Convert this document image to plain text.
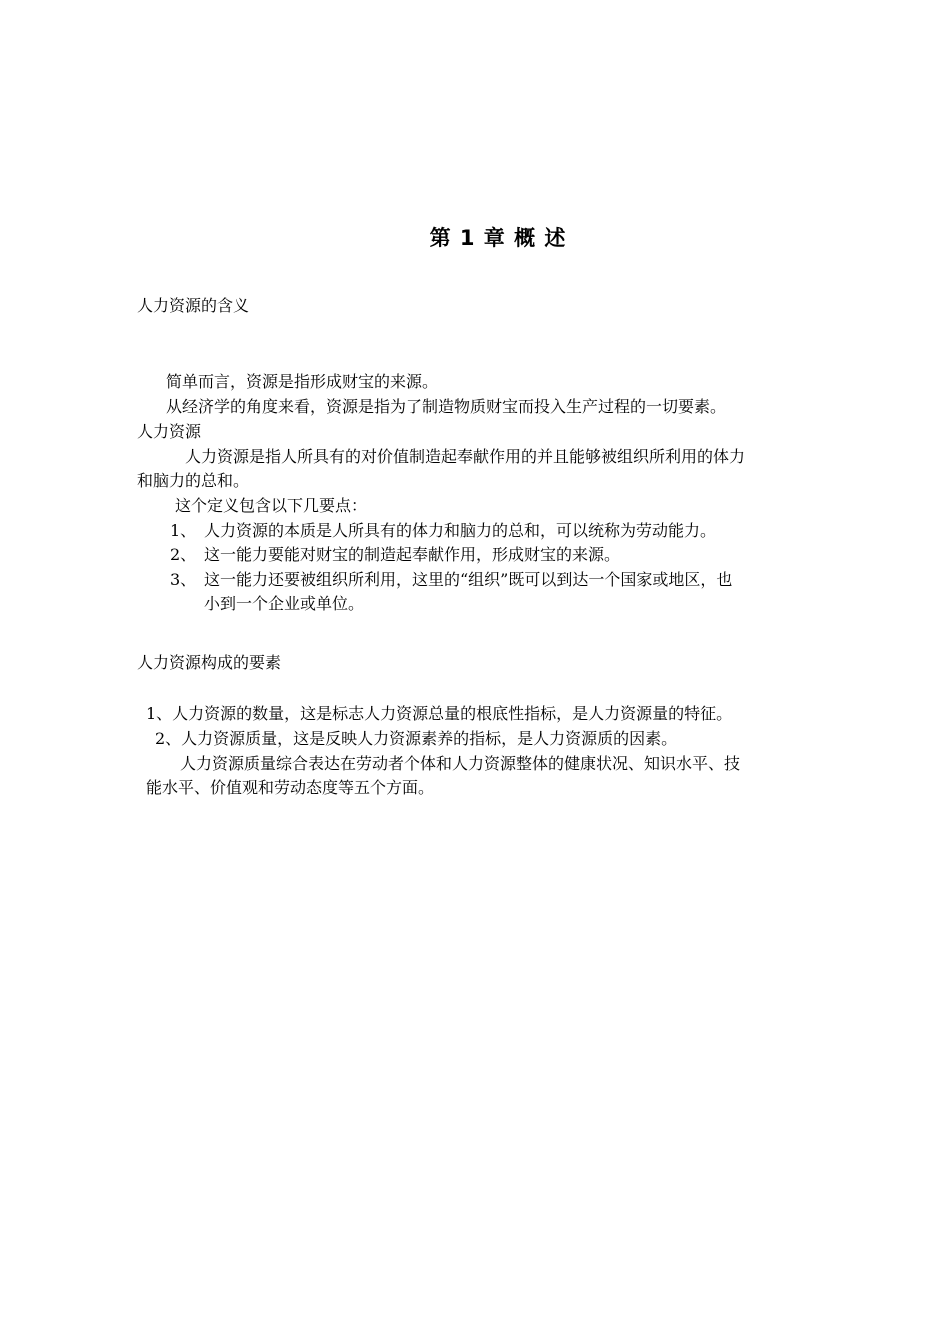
第 1 章 概 述
人力资源的含义
简单而言，资源是指形成财宝的来源。
从经济学的角度来看，资源是指为了制造物质财宝而投入生产过程的一切要素。
人力资源
人力资源是指人所具有的对价值制造起奉献作用的并且能够被组织所利用的体力
和脑力的总和。
这个定义包含以下几要点：
1、 人力资源的本质是人所具有的体力和脑力的总和，可以统称为劳动能力。
2、 这一能力要能对财宝的制造起奉献作用，形成财宝的来源。
3、 这一能力还要被组织所利用，这里的“组织”既可以到达一个国家或地区，也
小到一个企业或单位。
人力资源构成的要素
1、人力资源的数量，这是标志人力资源总量的根底性指标，是人力资源量的特征。
2、人力资源质量，这是反映人力资源素养的指标，是人力资源质的因素。
人力资源质量综合表达在劳动者个体和人力资源整体的健康状况、知识水平、技
能水平、价值观和劳动态度等五个方面。
